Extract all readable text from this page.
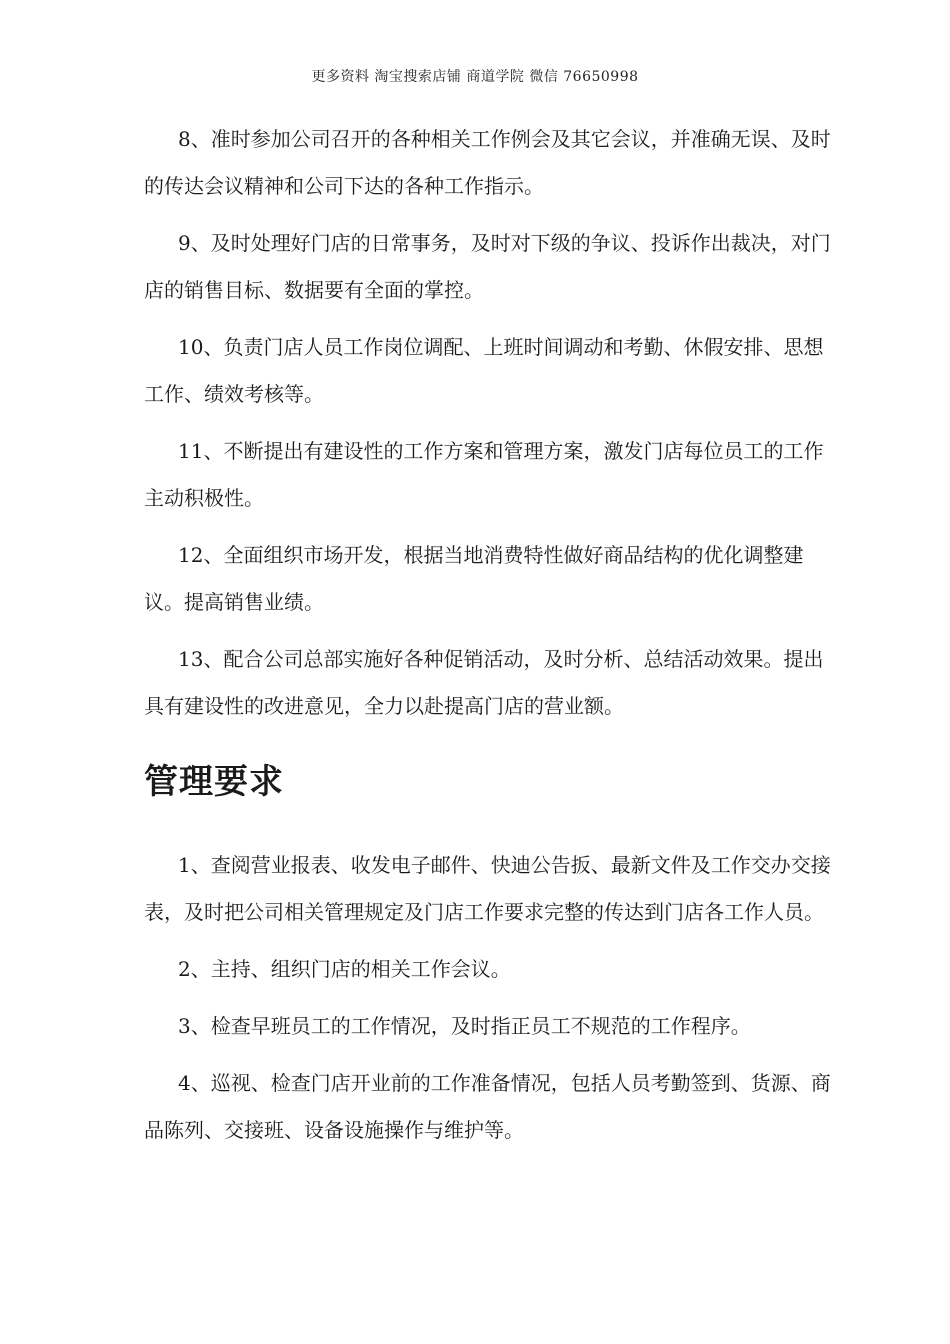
更多资料 淘宝搜索店铺 商道学院 微信 76650998

8、准时参加公司召开的各种相关工作例会及其它会议，并准确无误、及时的传达会议精神和公司下达的各种工作指示。

9、及时处理好门店的日常事务，及时对下级的争议、投诉作出裁决，对门店的销售目标、数据要有全面的掌控。

10、负责门店人员工作岗位调配、上班时间调动和考勤、休假安排、思想工作、绩效考核等。

11、不断提出有建设性的工作方案和管理方案，激发门店每位员工的工作主动积极性。

12、全面组织市场开发，根据当地消费特性做好商品结构的优化调整建议。提高销售业绩。

13、配合公司总部实施好各种促销活动，及时分析、总结活动效果。提出具有建设性的改进意见，全力以赴提高门店的营业额。

管理要求

1、查阅营业报表、收发电子邮件、快迪公告扳、最新文件及工作交办交接表，及时把公司相关管理规定及门店工作要求完整的传达到门店各工作人员。

2、主持、组织门店的相关工作会议。

3、检查早班员工的工作情况，及时指正员工不规范的工作程序。

4、巡视、检查门店开业前的工作准备情况，包括人员考勤签到、货源、商品陈列、交接班、设备设施操作与维护等。
